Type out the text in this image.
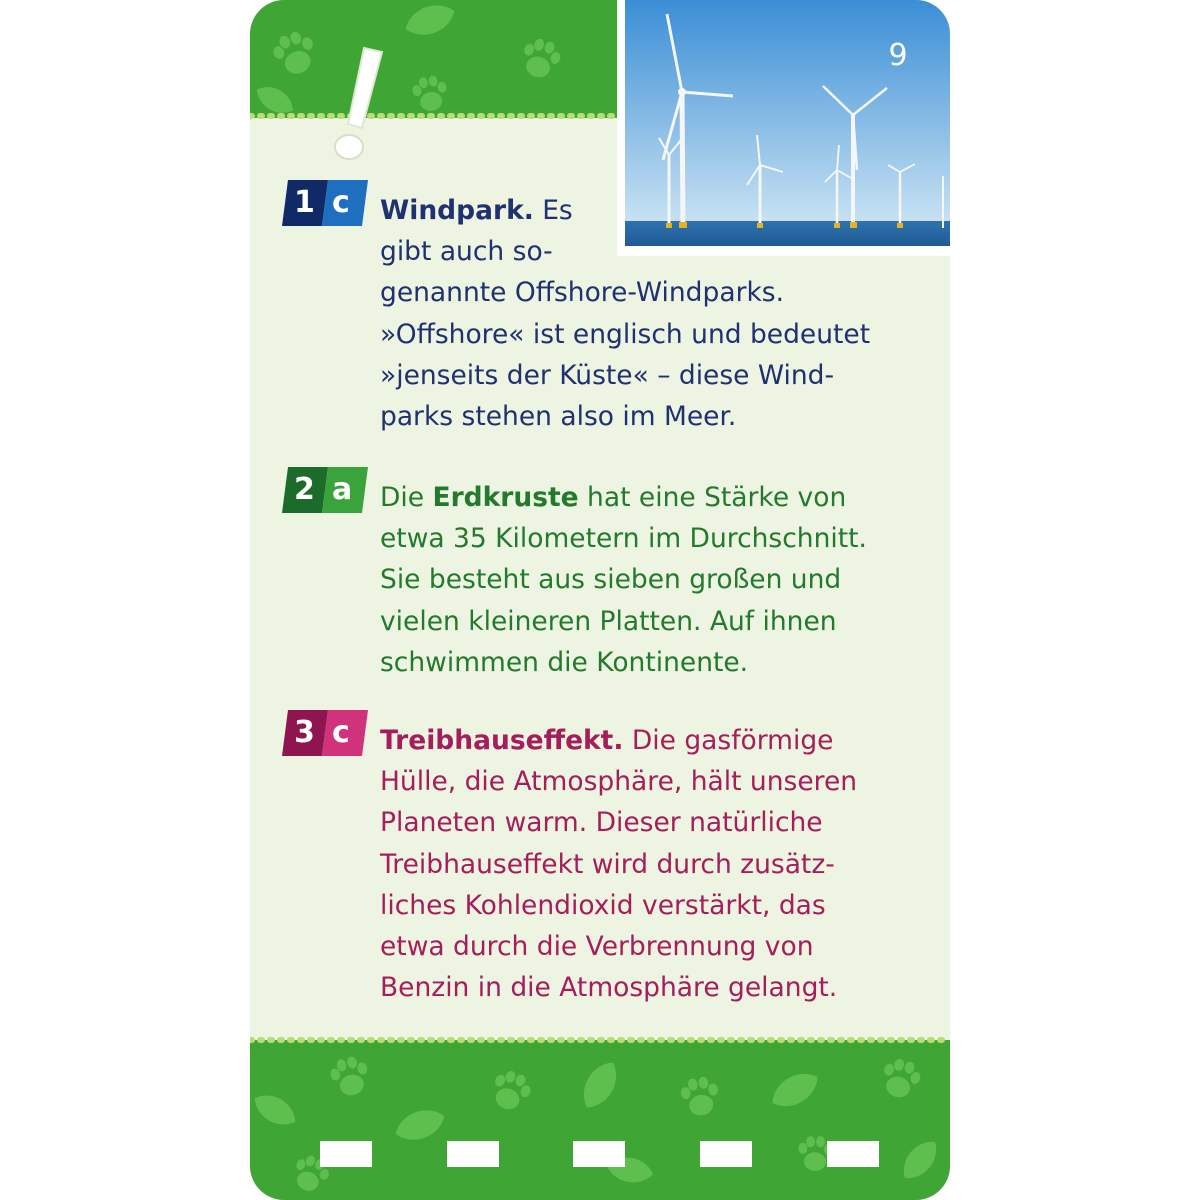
9
1 c Windpark. Es
gibt auch so-
genannte Offshore-Windparks.
»Offshore« ist englisch und bedeutet
»jenseits der Küste« – diese Wind-
parks stehen also im Meer.
2 a Die Erdkruste hat eine Stärke von
etwa 35 Kilometern im Durchschnitt.
Sie besteht aus sieben großen und
vielen kleineren Platten. Auf ihnen
schwimmen die Kontinente.
3 c Treibhauseffekt. Die gasförmige
Hülle, die Atmosphäre, hält unseren
Planeten warm. Dieser natürliche
Treibhauseffekt wird durch zusätz-
liches Kohlendioxid verstärkt, das
etwa durch die Verbrennung von
Benzin in die Atmosphäre gelangt.
